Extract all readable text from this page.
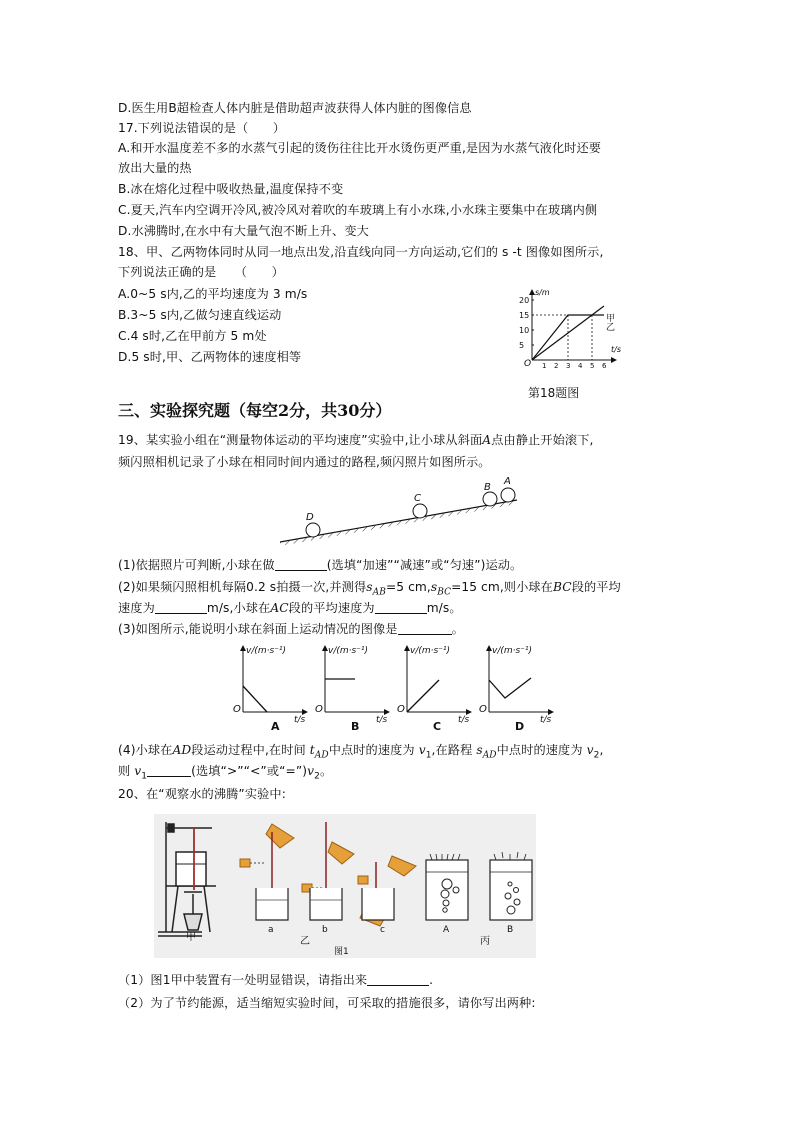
D.医生用B超检查人体内脏是借助超声波获得人体内脏的图像信息
17.下列说法错误的是（　　）
A.和开水温度差不多的水蒸气引起的烫伤往往比开水烫伤更严重,是因为水蒸气液化时还要
放出大量的热
B.冰在熔化过程中吸收热量,温度保持不变
C.夏天,汽车内空调开冷风,被冷风对着吹的车玻璃上有小水珠,小水珠主要集中在玻璃内侧
D.水沸腾时,在水中有大量气泡不断上升、变大
18、甲、乙两物体同时从同一地点出发,沿直线向同一方向运动,它们的 s -t 图像如图所示,
下列说法正确的是　　（　　）
A.0~5 s内,乙的平均速度为 3 m/s
B.3~5 s内,乙做匀速直线运动
C.4 s时,乙在甲前方 5 m处
D.5 s时,甲、乙两物体的速度相等
s/m
t/s
O
20
15
10
5
1 2 3 4 5 6
甲
乙
第18题图
三、实验探究题（每空2分，共30分）
19、某实验小组在“测量物体运动的平均速度”实验中,让小球从斜面A点由静止开始滚下,
频闪照相机记录了小球在相同时间内通过的路程,频闪照片如图所示。
D
C
B
A
(1)依据照片可判断,小球在做	(选填“加速”“减速”或“匀速”)运动。
(2)如果频闪照相机每隔0.2 s拍摄一次,并测得$s_{AB}=5$ $cm,s_{BC}=15$ cm,则小球在BC段的平均
速度为	m/s,小球在AC段的平均速度为	m/s。
(3)如图所示,能说明小球在斜面上运动情况的图像是	。
A	B	C	D
v/(m·s⁻¹)
t/s
O
(4)小球在AD段运动过程中,在时间 $t_{AD}$中点时的速度为 $v_1$,在路程 $s_{AD}$中点时的速度为 $v_2$,
则 $v_1$	(选填“>”“<”或“$=”)v_2$。
20、在“观察水的沸腾”实验中:
甲
a
乙
b	c	A
丙
B
图1
（1）图1甲中装置有一处明显错误，请指出来	.
（2）为了节约能源，适当缩短实验时间，可采取的措施很多，请你写出两种:
